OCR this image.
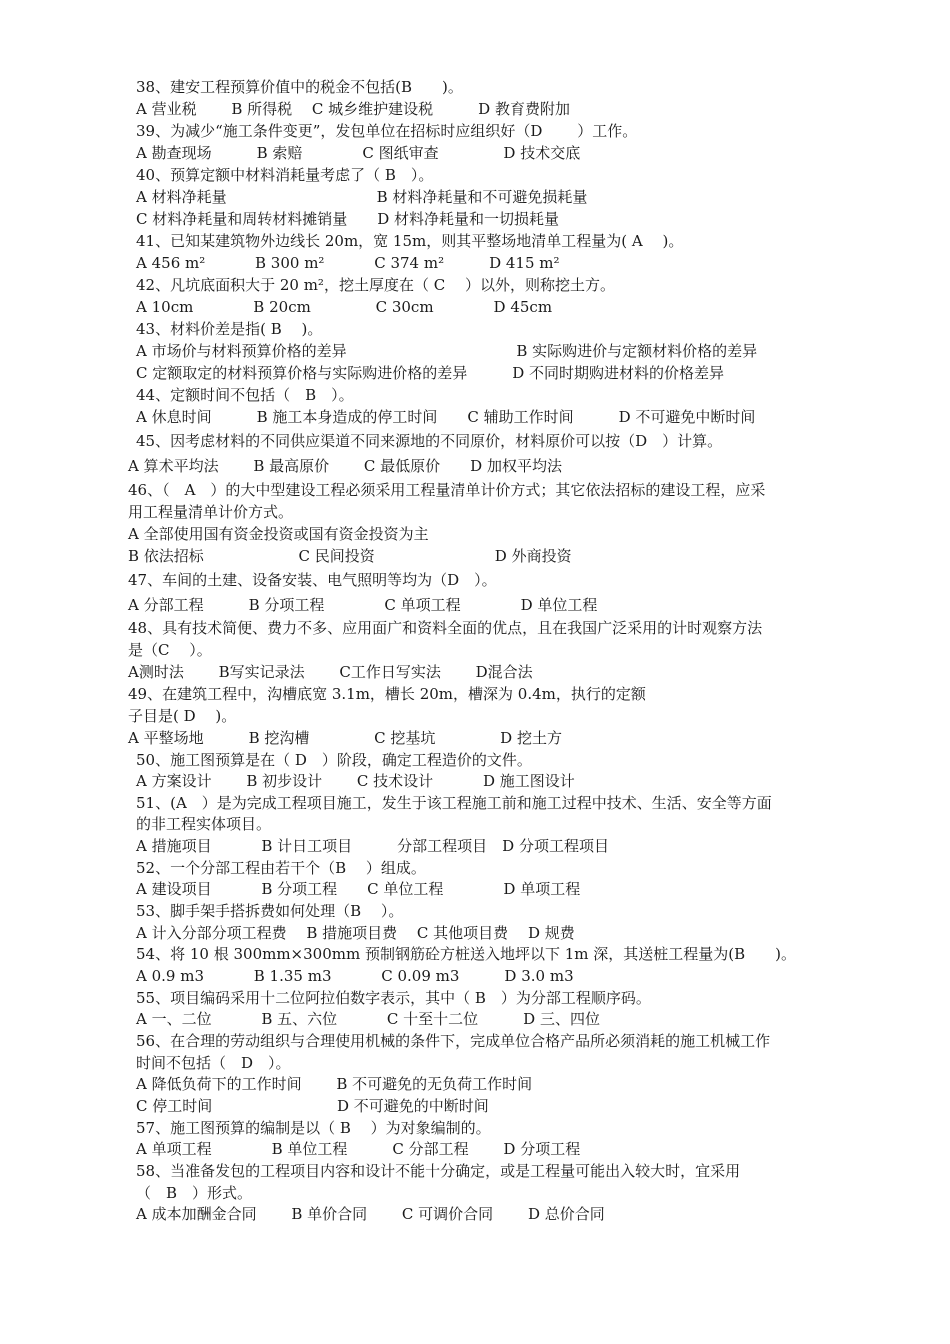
38、建安工程预算价值中的税金不包括(B　　)。
A 营业税　　 B 所得税　 C 城乡维护建设税　　　D 教育费附加
39、为减少“施工条件变更”，发包单位在招标时应组织好（D　　 ）工作。
A 勘查现场　　　B 索赔　　　　C 图纸审查　　　　 D 技术交底
40、预算定额中材料消耗量考虑了（ B　）。
A 材料净耗量　　　　　　　　　　B 材料净耗量和不可避免损耗量
C 材料净耗量和周转材料摊销量　　D 材料净耗量和一切损耗量
41、已知某建筑物外边线长 20m，宽 15m，则其平整场地清单工程量为( A　 )。
A 456 m²　　　 B 300 m²　　　 C 374 m²　　　D 415 m²
42、凡坑底面积大于 20 m²，挖土厚度在（ C　 ）以外，则称挖土方。
A 10cm　　　　B 20cm　　　　 C 30cm　　　　D 45cm
43、材料价差是指( B　 )。
A 市场价与材料预算价格的差异　　　　　　　　　　　 B 实际购进价与定额材料价格的差异
C 定额取定的材料预算价格与实际购进价格的差异　　　D 不同时期购进材料的价格差异
44、定额时间不包括（　B　）。
A 休息时间　　　B 施工本身造成的停工时间　　C 辅助工作时间　　　D 不可避免中断时间
45、因考虑材料的不同供应渠道不同来源地的不同原价，材料原价可以按（D　）计算。
A 算术平均法　　 B 最高原价　　 C 最低原价　　D 加权平均法
46、（　A　）的大中型建设工程必须采用工程量清单计价方式；其它依法招标的建设工程，应采
用工程量清单计价方式。
A 全部使用国有资金投资或国有资金投资为主
B 依法招标　　　　　　 C 民间投资　　　　　　　　D 外商投资
47、车间的土建、设备安装、电气照明等均为（D　）。
A 分部工程　　　B 分项工程　　　　C 单项工程　　　　D 单位工程
48、具有技术简便、费力不多、应用面广和资料全面的优点，且在我国广泛采用的计时观察方法
是（C　 ）。
A测时法　　 B写实记录法　　 C工作日写实法　　 D混合法
49、在建筑工程中，沟槽底宽 3.1m，槽长 20m，槽深为 0.4m，执行的定额
子目是( D　 )。
A 平整场地　　　B 挖沟槽　　　　 C 挖基坑　　　　 D 挖土方
50、施工图预算是在（ D　）阶段，确定工程造价的文件。
A 方案设计　　 B 初步设计　　 C 技术设计　　　 D 施工图设计
51、(A　）是为完成工程项目施工，发生于该工程施工前和施工过程中技术、生活、安全等方面
的非工程实体项目。
A 措施项目　　　 B 计日工项目　　　分部工程项目　D 分项工程项目
52、一个分部工程由若干个（B　 ）组成。
A 建设项目　　　 B 分项工程　　C 单位工程　　　　D 单项工程
53、脚手架手搭拆费如何处理（B　 ）。
A 计入分部分项工程费　 B 措施项目费　 C 其他项目费　 D 规费
54、将 10 根 300mm×300mm 预制钢筋砼方桩送入地坪以下 1m 深，其送桩工程量为(B　　)。
A 0.9 m3　　　 B 1.35 m3　　　 C 0.09 m3　　　D 3.0 m3
55、项目编码采用十二位阿拉伯数字表示，其中（ B　）为分部工程顺序码。
A 一、二位　　　 B 五、六位　　　 C 十至十二位　　　D 三、四位
56、在合理的劳动组织与合理使用机械的条件下，完成单位合格产品所必须消耗的施工机械工作
时间不包括（　D　）。
A 降低负荷下的工作时间　　 B 不可避免的无负荷工作时间
C 停工时间　　　　　　　　 D 不可避免的中断时间
57、施工图预算的编制是以（ B　 ）为对象编制的。
A 单项工程　　　　B 单位工程　　　C 分部工程　　 D 分项工程
58、当准备发包的工程项目内容和设计不能十分确定，或是工程量可能出入较大时，宜采用
（　B　）形式。
A 成本加酬金合同　　 B 单价合同　　 C 可调价合同　　 D 总价合同
